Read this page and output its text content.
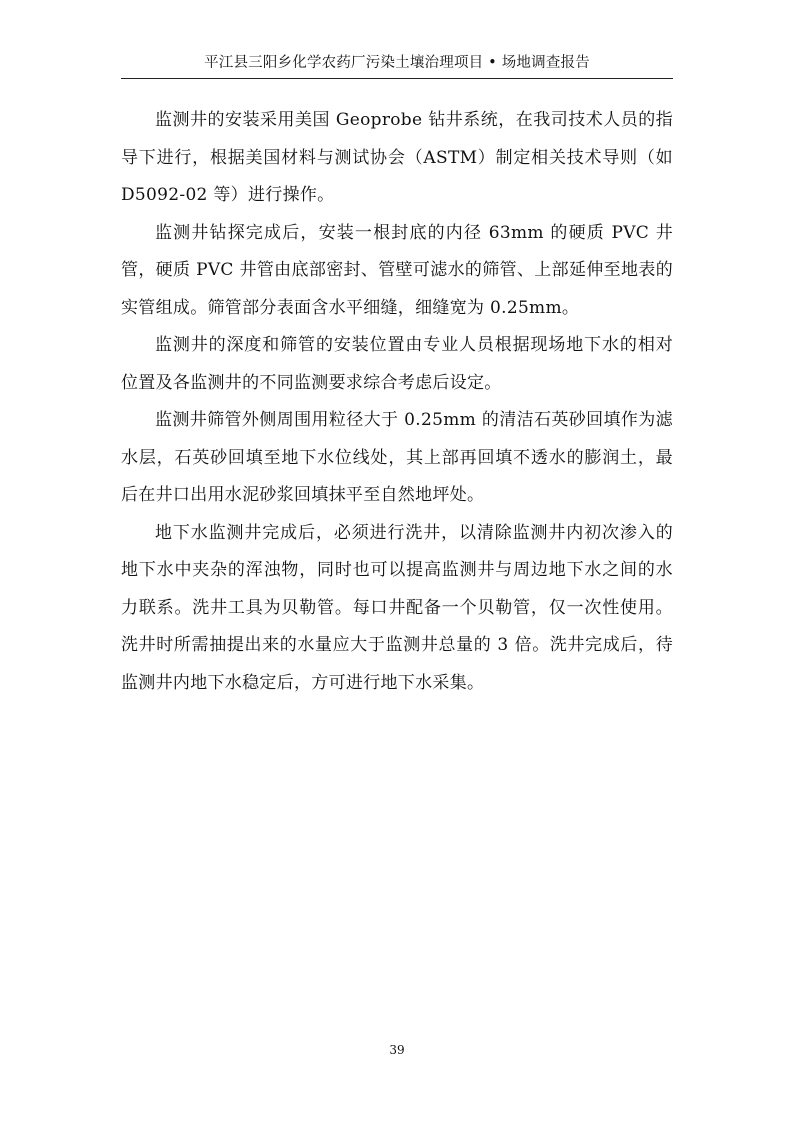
平江县三阳乡化学农药厂污染土壤治理项目 • 场地调查报告

监测井的安装采用美国 Geoprobe 钻井系统，在我司技术人员的指导下进行，根据美国材料与测试协会（ASTM）制定相关技术导则（如 D5092-02 等）进行操作。

监测井钻探完成后，安装一根封底的内径 63mm 的硬质 PVC 井管，硬质 PVC 井管由底部密封、管壁可滤水的筛管、上部延伸至地表的实管组成。筛管部分表面含水平细缝，细缝宽为 0.25mm。

监测井的深度和筛管的安装位置由专业人员根据现场地下水的相对位置及各监测井的不同监测要求综合考虑后设定。

监测井筛管外侧周围用粒径大于 0.25mm 的清洁石英砂回填作为滤水层，石英砂回填至地下水位线处，其上部再回填不透水的膨润土，最后在井口出用水泥砂浆回填抹平至自然地坪处。

地下水监测井完成后，必须进行洗井，以清除监测井内初次渗入的地下水中夹杂的浑浊物，同时也可以提高监测井与周边地下水之间的水力联系。洗井工具为贝勒管。每口井配备一个贝勒管，仅一次性使用。洗井时所需抽提出来的水量应大于监测井总量的 3 倍。洗井完成后，待监测井内地下水稳定后，方可进行地下水采集。

39
